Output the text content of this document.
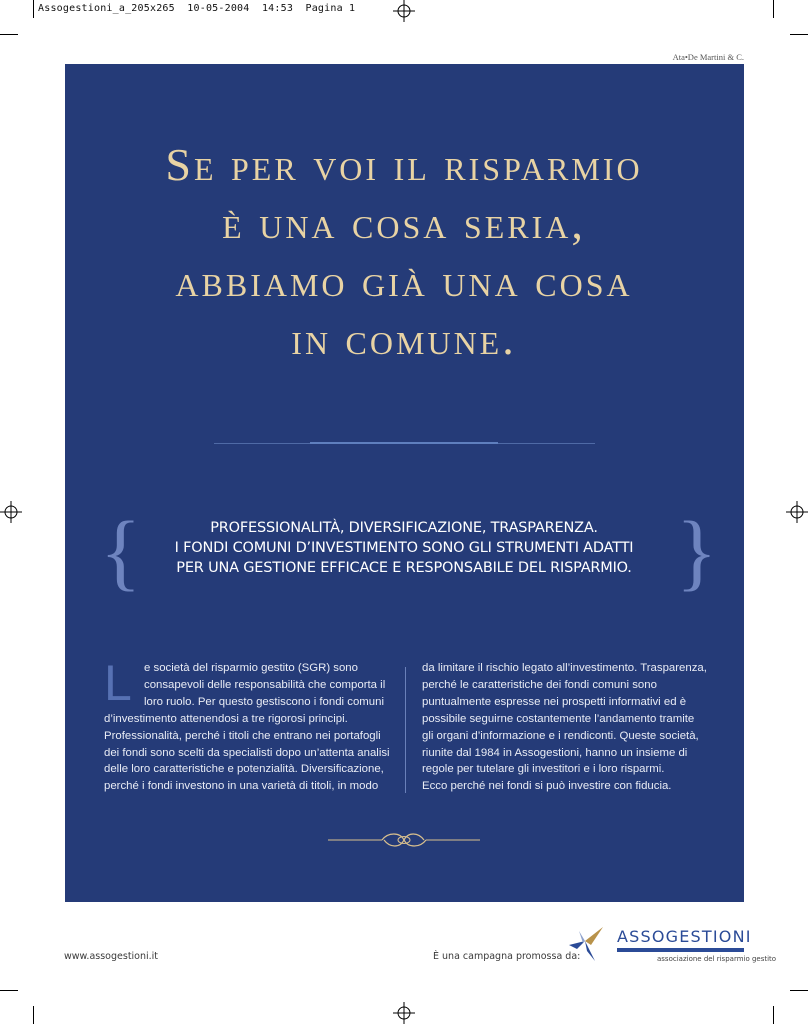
Assogestioni_a_205x265  10-05-2004  14:53  Pagina 1
Ata•De Martini & C.
Se per voi il risparmio
è una cosa seria,
abbiamo già una cosa
in comune.
{	}
PROFESSIONALITÀ, DIVERSIFICAZIONE, TRASPARENZA.
I FONDI COMUNI D’INVESTIMENTO SONO GLI STRUMENTI ADATTI
PER UNA GESTIONE EFFICACE E RESPONSABILE DEL RISPARMIO.
L	e società del risparmio gestito (SGR) sono
consapevoli delle responsabilità che comporta il
loro ruolo. Per questo gestiscono i fondi comuni
d’investimento attenendosi a tre rigorosi principi.
Professionalità, perché i titoli che entrano nei portafogli
dei fondi sono scelti da specialisti dopo un’attenta analisi
delle loro caratteristiche e potenzialità. Diversificazione,
perché i fondi investono in una varietà di titoli, in modo
da limitare il rischio legato all’investimento. Trasparenza,
perché le caratteristiche dei fondi comuni sono
puntualmente espresse nei prospetti informativi ed è
possibile seguirne costantemente l’andamento tramite
gli organi d’informazione e i rendiconti. Queste società,
riunite dal 1984 in Assogestioni, hanno un insieme di
regole per tutelare gli investitori e i loro risparmi.
Ecco perché nei fondi si può investire con fiducia.
www.assogestioni.it	È una campagna promossa da:
ASSOGESTIONI
associazione del risparmio gestito
